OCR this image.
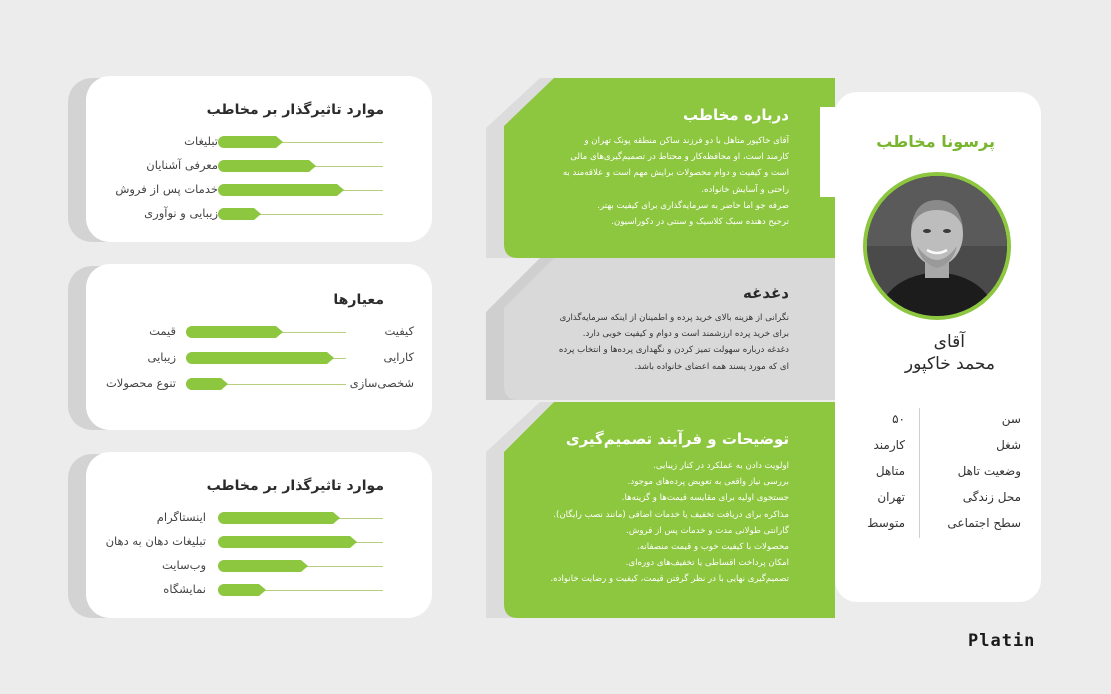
موارد تاثیرگذار بر مخاطب
تبلیغات
معرفی آشنایان
خدمات پس از فروش
زیبایی و نوآوری
معیارها
کیفیت
قیمت
کارایی
زیبایی
شخصی‌سازی
تنوع محصولات
موارد تاثیرگذار بر مخاطب
اینستاگرام
تبلیغات دهان به دهان
وب‌سایت
نمایشگاه
درباره مخاطب
آقای خاکپور متاهل با دو فرزند ساکن منطقه پونک تهران و
کارمند است، او محافظه‌کار و محتاط در تصمیم‌گیری‌های مالی
است و کیفیت و دوام محصولات برایش مهم است و علاقه‌مند به
راحتی و آسایش خانواده.
صرفه جو اما حاضر به سرمایه‌گذاری برای کیفیت بهتر.
ترجیح دهنده سبک کلاسیک و سنتی در دکوراسیون.
دغدغه
نگرانی از هزینه بالای خرید پرده و اطمینان از اینکه سرمایه‌گذاری
برای خرید پرده ارزشمند است و دوام و کیفیت خوبی دارد.
دغدغه درباره سهولت تمیز کردن و نگهداری پرده‌ها و انتخاب پرده
ای که مورد پسند همه اعضای خانواده باشد.
توضیحات و فرآیند تصمیم‌گیری
اولویت دادن به عملکرد در کنار زیبایی.
بررسی نیاز واقعی به تعویض پرده‌های موجود.
جستجوی اولیه برای مقایسه قیمت‌ها و گزینه‌ها.
مذاکره برای دریافت تخفیف یا خدمات اضافی (مانند نصب رایگان).
گارانتی طولانی مدت و خدمات پس از فروش.
محصولات با کیفیت خوب و قیمت منصفانه.
امکان پرداخت اقساطی یا تخفیف‌های دوره‌ای.
تصمیم‌گیری نهایی با در نظر گرفتن قیمت، کیفیت و رضایت خانواده.
پرسونا مخاطب
آقای
محمد خاکپور
سن
۵۰
شغل
کارمند
وضعیت تاهل
متاهل
محل زندگی
تهران
سطح اجتماعی
متوسط
Platin
